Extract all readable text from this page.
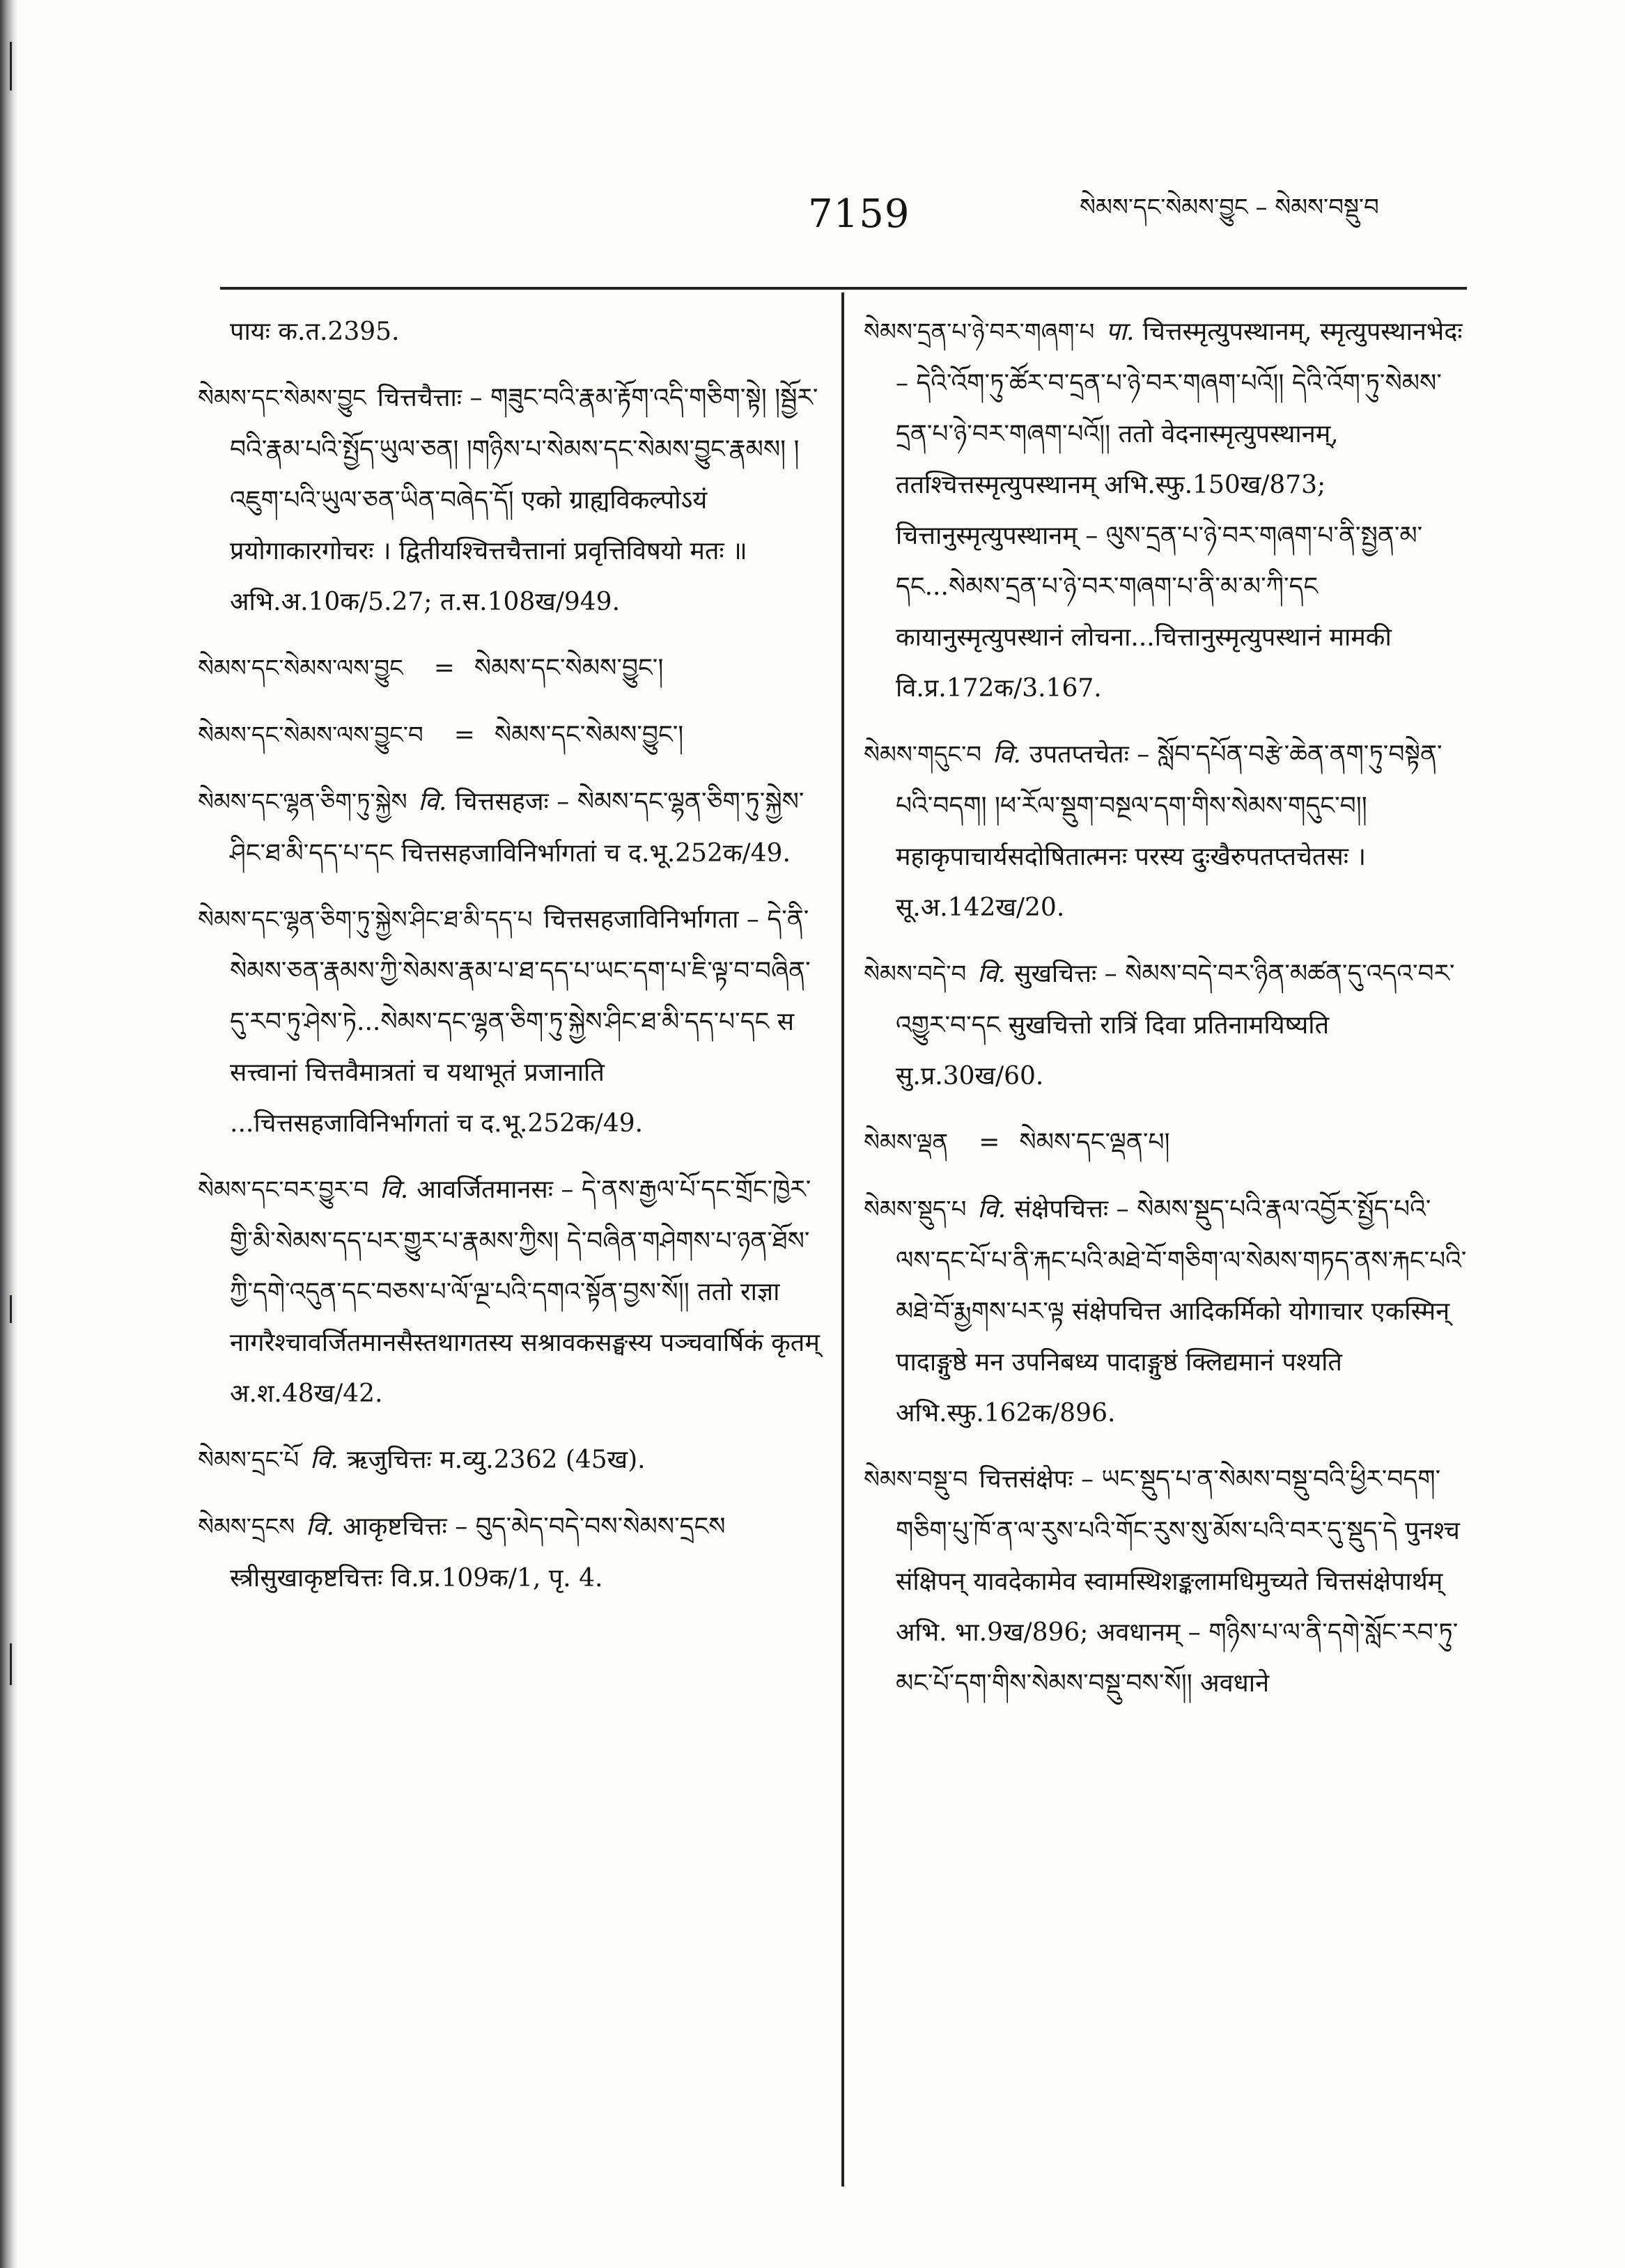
7159	སེམས་དང་སེམས་བྱུང – སེམས་བསྡུ་བ

पायः क.त.2395.

སེམས་དང་སེམས་བྱུང चित्तचैत्ताः – གཟུང་བའི་རྣམ་རྟོག་འདི་གཅིག་སྟེ། །སྦྱོར་བའི་རྣམ་པའི་སྤྱོད་ཡུལ་ཅན། །གཉིས་པ་སེམས་དང་སེམས་བྱུང་རྣམས། །འཇུག་པའི་ཡུལ་ཅན་ཡིན་བཞེད་དོ། एको ग्राह्यविकल्पोऽयं प्रयोगाकारगोचरः । द्वितीयश्चित्तचैत्तानां प्रवृत्तिविषयो मतः ॥ अभि.अ.10क/5.27; त.स.108ख/949.

སེམས་དང་སེམས་ལས་བྱུང = སེམས་དང་སེམས་བྱུང་།

སེམས་དང་སེམས་ལས་བྱུང་བ = སེམས་དང་སེམས་བྱུང་།

སེམས་དང་ལྷན་ཅིག་ཏུ་སྐྱེས वि. चित्तसहजः – སེམས་དང་ལྷན་ཅིག་ཏུ་སྐྱེས་ཤིང་ཐ་མི་དད་པ་དང चित्तसहजाविनिर्भागतां च द.भू.252क/49.

སེམས་དང་ལྷན་ཅིག་ཏུ་སྐྱེས་ཤིང་ཐ་མི་དད་པ चित्तसहजाविनिर्भागता – དེ་ནི་སེམས་ཅན་རྣམས་ཀྱི་སེམས་རྣམ་པ་ཐ་དད་པ་ཡང་དག་པ་ཇི་ལྟ་བ་བཞིན་དུ་རབ་ཏུ་ཤེས་ཏེ...སེམས་དང་ལྷན་ཅིག་ཏུ་སྐྱེས་ཤིང་ཐ་མི་དད་པ་དང स सत्त्वानां चित्तवैमात्रतां च यथाभूतं प्रजानाति ...चित्तसहजाविनिर्भागतां च द.भू.252क/49.

སེམས་དང་བར་བྱུར་བ वि. आवर्जितमानसः – དེ་ནས་རྒྱལ་པོ་དང་གྲོང་ཁྱེར་གྱི་མི་སེམས་དད་པར་གྱུར་པ་རྣམས་ཀྱིས། དེ་བཞིན་གཤེགས་པ་ཉན་ཐོས་ཀྱི་དགེ་འདུན་དང་བཅས་པ་ལོ་ལྔ་པའི་དགའ་སྟོན་བྱས་སོ།། ततो राज्ञा नागरैश्चावर्जितमानसैस्तथागतस्य सश्रावकसङ्घस्य पञ्चवार्षिकं कृतम् अ.श.48ख/42.

སེམས་དྲང་པོ वि. ऋजुचित्तः म.व्यु.2362 (45ख).

སེམས་དྲངས वि. आकृष्टचित्तः – བུད་མེད་བདེ་བས་སེམས་དྲངས स्त्रीसुखाकृष्टचित्तः वि.प्र.109क/1, पृ. 4.

སེམས་དྲན་པ་ཉེ་བར་གཞག་པ पा. चित्तस्मृत्युपस्थानम्, स्मृत्युपस्थानभेदः – དེའི་འོག་ཏུ་ཚོར་བ་དྲན་པ་ཉེ་བར་གཞག་པའོ།། དེའི་འོག་ཏུ་སེམས་དྲན་པ་ཉེ་བར་གཞག་པའོ།། ततो वेदनास्मृत्युपस्थानम्, ततश्चित्तस्मृत्युपस्थानम् अभि.स्फु.150ख/873; चित्तानुस्मृत्युपस्थानम् – ལུས་དྲན་པ་ཉེ་བར་གཞག་པ་ནི་སྤྱན་མ་དང...སེམས་དྲན་པ་ཉེ་བར་གཞག་པ་ནི་མ་མ་ཀི་དང कायानुस्मृत्युपस्थानं लोचना...चित्तानुस्मृत्युपस्थानं मामकी वि.प्र.172क/3.167.

སེམས་གདུང་བ वि. उपतप्तचेतः – སློབ་དཔོན་བརྩེ་ཆེན་ནག་ཏུ་བསྟེན་པའི་བདག། །ཕ་རོལ་སྡུག་བསྔལ་དག་གིས་སེམས་གདུང་བ།། महाकृपाचार्यसदोषितात्मनः परस्य दुःखैरुपतप्तचेतसः । सू.अ.142ख/20.

སེམས་བདེ་བ वि. सुखचित्तः – སེམས་བདེ་བར་ཉིན་མཚན་དུ་འདའ་བར་འགྱུར་བ་དང सुखचित्तो रात्रिं दिवा प्रतिनामयिष्यति सु.प्र.30ख/60.

སེམས་ལྡན = སེམས་དང་ལྡན་པ།

སེམས་སྡུད་པ वि. संक्षेपचित्तः – སེམས་སྡུད་པའི་རྣལ་འབྱོར་སྤྱོད་པའི་ལས་དང་པོ་པ་ནི་རྐང་པའི་མཐེ་བོ་གཅིག་ལ་སེམས་གཏད་ནས་རྐང་པའི་མཐེ་བོ་རྨྱགས་པར་ལྟ संक्षेपचित्त आदिकर्मिको योगाचार एकस्मिन् पादाङ्गुष्ठे मन उपनिबध्य पादाङ्गुष्ठं क्लिद्यमानं पश्यति अभि.स्फु.162क/896.

སེམས་བསྡུ་བ चित्तसंक्षेपः – ཡང་སྡུད་པ་ན་སེམས་བསྡུ་བའི་ཕྱིར་བདག་གཅིག་པུ་ཁོ་ན་ལ་རུས་པའི་གོང་རུས་སུ་མོས་པའི་བར་དུ་སྡུད་དེ पुनश्च संक्षिपन् यावदेकामेव स्वामस्थिशङ्कलामधिमुच्यते चित्तसंक्षेपार्थम् अभि. भा.9ख/896; अवधानम् – གཉིས་པ་ལ་ནི་དགེ་སློང་རབ་ཏུ་མང་པོ་དག་གིས་སེམས་བསྡུ་བས་སོ།། अवधाने
